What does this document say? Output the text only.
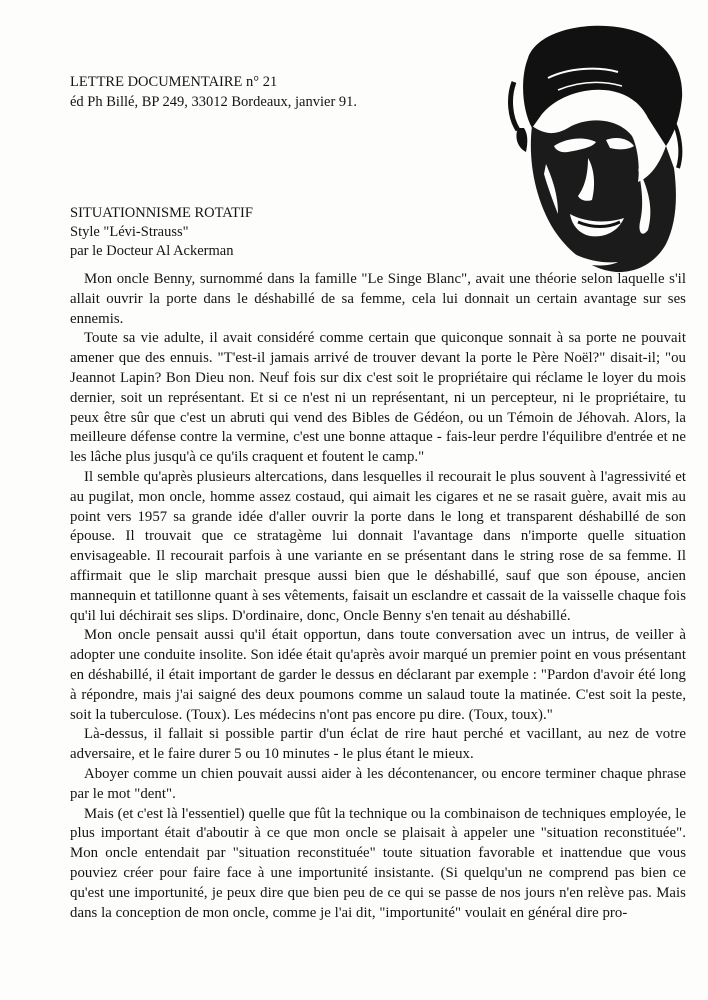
LETTRE DOCUMENTAIRE n° 21
éd Ph Billé, BP 249, 33012 Bordeaux, janvier 91.
SITUATIONNISME ROTATIF
Style "Lévi-Strauss"
par le Docteur Al Ackerman

Mon oncle Benny, surnommé dans la famille "Le Singe Blanc", avait une théorie selon laquelle s'il allait ouvrir la porte dans le déshabillé de sa femme, cela lui donnait un certain avantage sur ses ennemis.

Toute sa vie adulte, il avait considéré comme certain que quiconque sonnait à sa porte ne pouvait amener que des ennuis. "T'est-il jamais arrivé de trouver devant la porte le Père Noël?" disait-il; "ou Jeannot Lapin? Bon Dieu non. Neuf fois sur dix c'est soit le propriétaire qui réclame le loyer du mois dernier, soit un représentant. Et si ce n'est ni un représentant, ni un percepteur, ni le propriétaire, tu peux être sûr que c'est un abruti qui vend des Bibles de Gédéon, ou un Témoin de Jéhovah. Alors, la meilleure défense contre la vermine, c'est une bonne attaque - fais-leur perdre l'équilibre d'entrée et ne les lâche plus jusqu'à ce qu'ils craquent et foutent le camp."

Il semble qu'après plusieurs altercations, dans lesquelles il recourait le plus souvent à l'agressivité et au pugilat, mon oncle, homme assez costaud, qui aimait les cigares et ne se rasait guère, avait mis au point vers 1957 sa grande idée d'aller ouvrir la porte dans le long et transparent déshabillé de son épouse. Il trouvait que ce stratagème lui donnait l'avantage dans n'importe quelle situation envisageable. Il recourait parfois à une variante en se présentant dans le string rose de sa femme. Il affirmait que le slip marchait presque aussi bien que le déshabillé, sauf que son épouse, ancien mannequin et tatillonne quant à ses vêtements, faisait un esclandre et cassait de la vaisselle chaque fois qu'il lui déchirait ses slips. D'ordinaire, donc, Oncle Benny s'en tenait au déshabillé.

Mon oncle pensait aussi qu'il était opportun, dans toute conversation avec un intrus, de veiller à adopter une conduite insolite. Son idée était qu'après avoir marqué un premier point en vous présentant en déshabillé, il était important de garder le dessus en déclarant par exemple : "Pardon d'avoir été long à répondre, mais j'ai saigné des deux poumons comme un salaud toute la matinée. C'est soit la peste, soit la tuberculose. (Toux). Les médecins n'ont pas encore pu dire. (Toux, toux)."

Là-dessus, il fallait si possible partir d'un éclat de rire haut perché et vacillant, au nez de votre adversaire, et le faire durer 5 ou 10 minutes - le plus étant le mieux.

Aboyer comme un chien pouvait aussi aider à les décontenancer, ou encore terminer chaque phrase par le mot "dent".

Mais (et c'est là l'essentiel) quelle que fût la technique ou la combinaison de techniques employée, le plus important était d'aboutir à ce que mon oncle se plaisait à appeler une "situation reconstituée". Mon oncle entendait par "situation reconstituée" toute situation favorable et inattendue que vous pouviez créer pour faire face à une importunité insistante. (Si quelqu'un ne comprend pas bien ce qu'est une importunité, je peux dire que bien peu de ce qui se passe de nos jours n'en relève pas. Mais dans la conception de mon oncle, comme je l'ai dit, "importunité" voulait en général dire pro-
